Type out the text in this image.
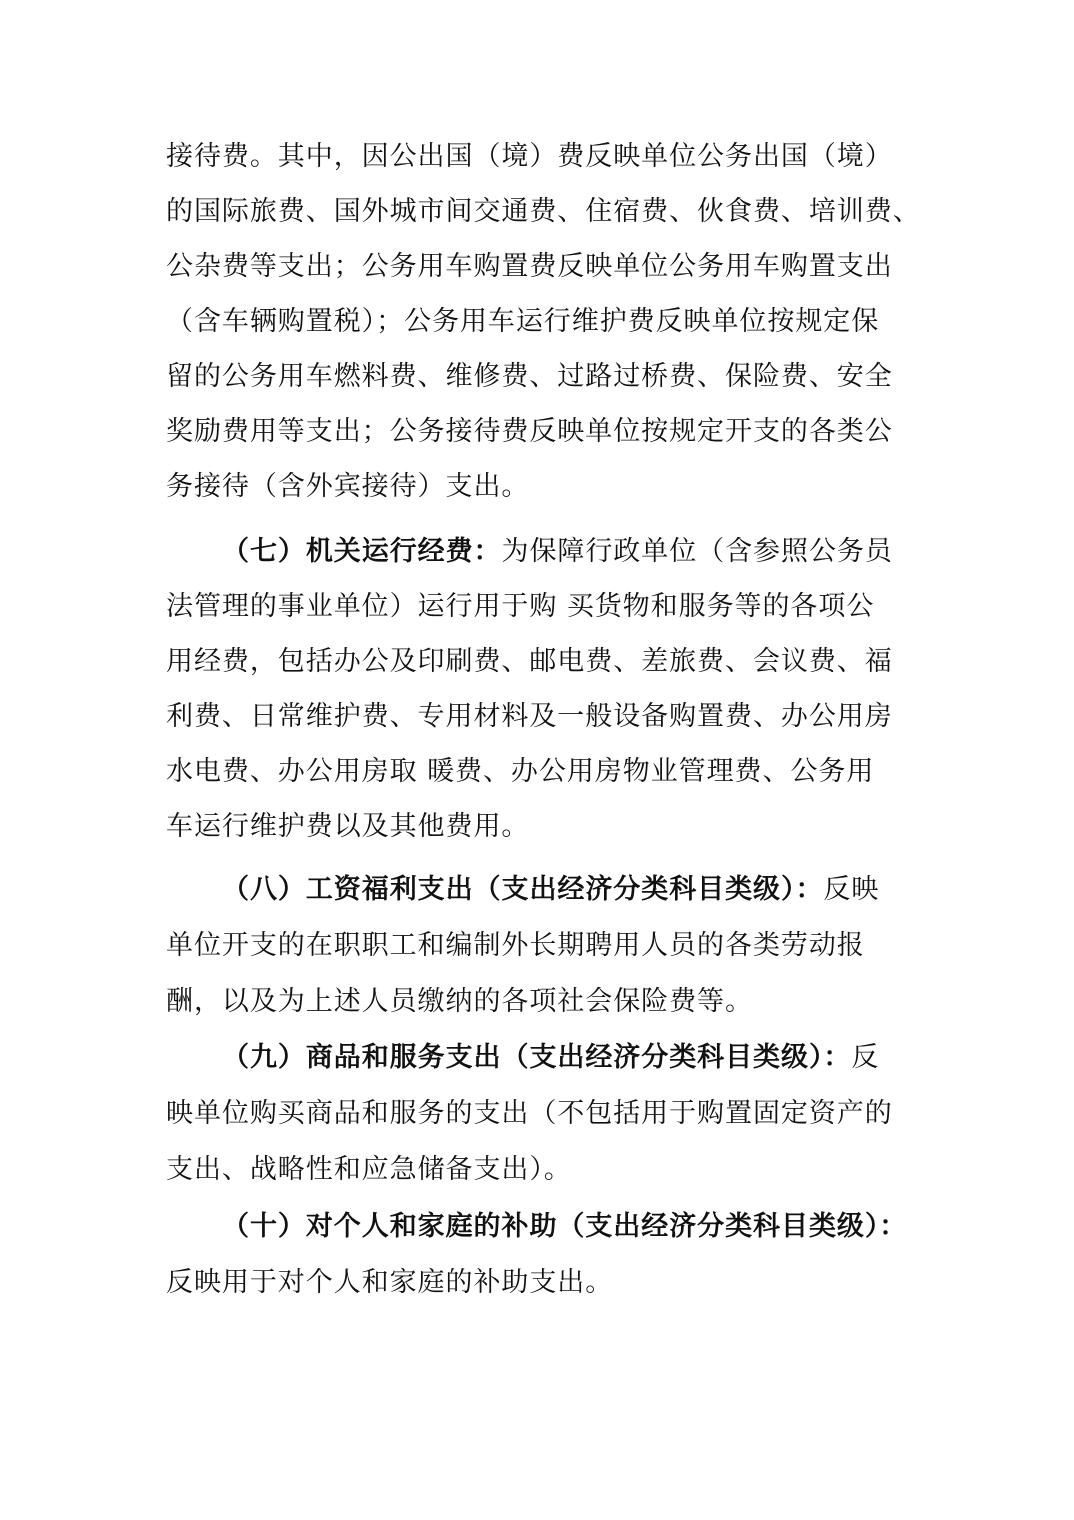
接待费。其中，因公出国（境）费反映单位公务出国（境）
的国际旅费、国外城市间交通费、住宿费、伙食费、培训费、
公杂费等支出；公务用车购置费反映单位公务用车购置支出
（含车辆购置税）；公务用车运行维护费反映单位按规定保
留的公务用车燃料费、维修费、过路过桥费、保险费、安全
奖励费用等支出；公务接待费反映单位按规定开支的各类公
务接待（含外宾接待）支出。
（七）机关运行经费：为保障行政单位（含参照公务员
法管理的事业单位）运行用于购 买货物和服务等的各项公
用经费，包括办公及印刷费、邮电费、差旅费、会议费、福
利费、日常维护费、专用材料及一般设备购置费、办公用房
水电费、办公用房取 暖费、办公用房物业管理费、公务用
车运行维护费以及其他费用。
（八）工资福利支出（支出经济分类科目类级）：反映
单位开支的在职职工和编制外长期聘用人员的各类劳动报
酬，以及为上述人员缴纳的各项社会保险费等。
（九）商品和服务支出（支出经济分类科目类级）：反
映单位购买商品和服务的支出（不包括用于购置固定资产的
支出、战略性和应急储备支出）。
（十）对个人和家庭的补助（支出经济分类科目类级）：
反映用于对个人和家庭的补助支出。
